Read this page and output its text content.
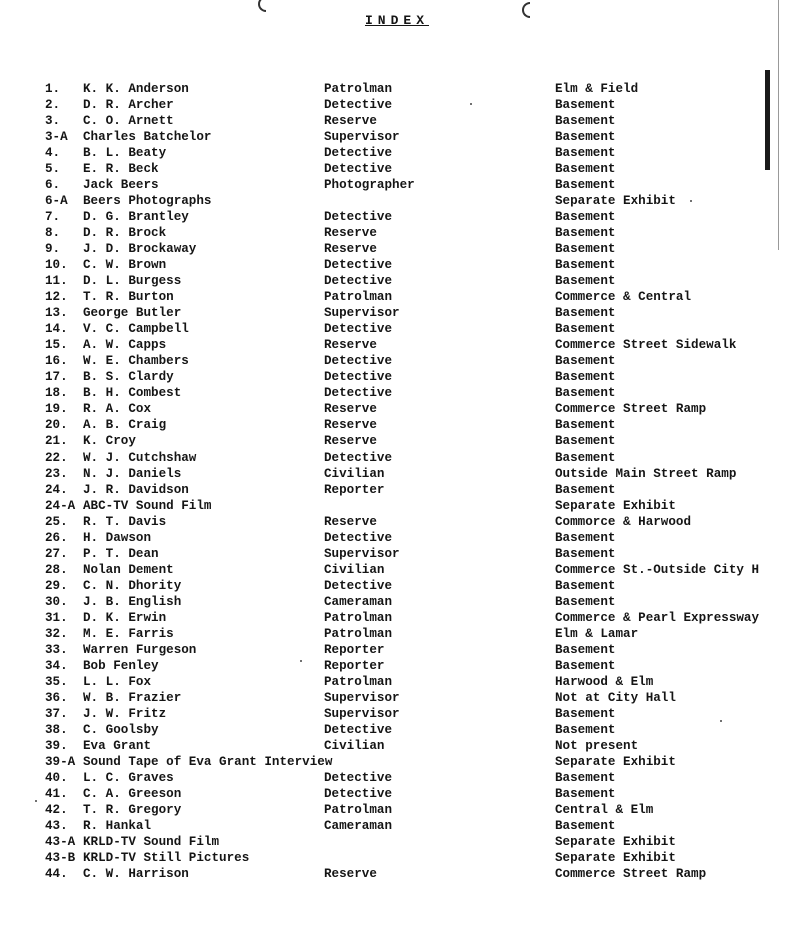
INDEX
1. K. K. Anderson	Patrolman	Elm & Field
2. D. R. Archer	Detective	Basement
3. C. O. Arnett	Reserve	Basement
3-A Charles Batchelor	Supervisor	Basement
4. B. L. Beaty	Detective	Basement
5. E. R. Beck	Detective	Basement
6. Jack Beers	Photographer	Basement
6-A Beers Photographs	Separate Exhibit
7. D. G. Brantley	Detective	Basement
8. D. R. Brock	Reserve	Basement
9. J. D. Brockaway	Reserve	Basement
10. C. W. Brown	Detective	Basement
11. D. L. Burgess	Detective	Basement
12. T. R. Burton	Patrolman	Commerce & Central
13. George Butler	Supervisor	Basement
14. V. C. Campbell	Detective	Basement
15. A. W. Capps	Reserve	Commerce Street Sidewalk
16. W. E. Chambers	Detective	Basement
17. B. S. Clardy	Detective	Basement
18. B. H. Combest	Detective	Basement
19. R. A. Cox	Reserve	Commerce Street Ramp
20. A. B. Craig	Reserve	Basement
21. K. Croy	Reserve	Basement
22. W. J. Cutchshaw	Detective	Basement
23. N. J. Daniels	Civilian	Outside Main Street Ramp
24. J. R. Davidson	Reporter	Basement
24-A ABC-TV Sound Film	Separate Exhibit
25. R. T. Davis	Reserve	Commorce & Harwood
26. H. Dawson	Detective	Basement
27. P. T. Dean	Supervisor	Basement
28. Nolan Dement	Civilian	Commerce St.-Outside City H
29. C. N. Dhority	Detective	Basement
30. J. B. English	Cameraman	Basement
31. D. K. Erwin	Patrolman	Commerce & Pearl Expressway
32. M. E. Farris	Patrolman	Elm & Lamar
33. Warren Furgeson	Reporter	Basement
34. Bob Fenley	Reporter	Basement
35. L. L. Fox	Patrolman	Harwood & Elm
36. W. B. Frazier	Supervisor	Not at City Hall
37. J. W. Fritz	Supervisor	Basement
38. C. Goolsby	Detective	Basement
39. Eva Grant	Civilian	Not present
39-A Sound Tape of Eva Grant Interview	Separate Exhibit
40. L. C. Graves	Detective	Basement
41. C. A. Greeson	Detective	Basement
42. T. R. Gregory	Patrolman	Central & Elm
43. R. Hankal	Cameraman	Basement
43-A KRLD-TV Sound Film	Separate Exhibit
43-B KRLD-TV Still Pictures	Separate Exhibit
44. C. W. Harrison	Reserve	Commerce Street Ramp
